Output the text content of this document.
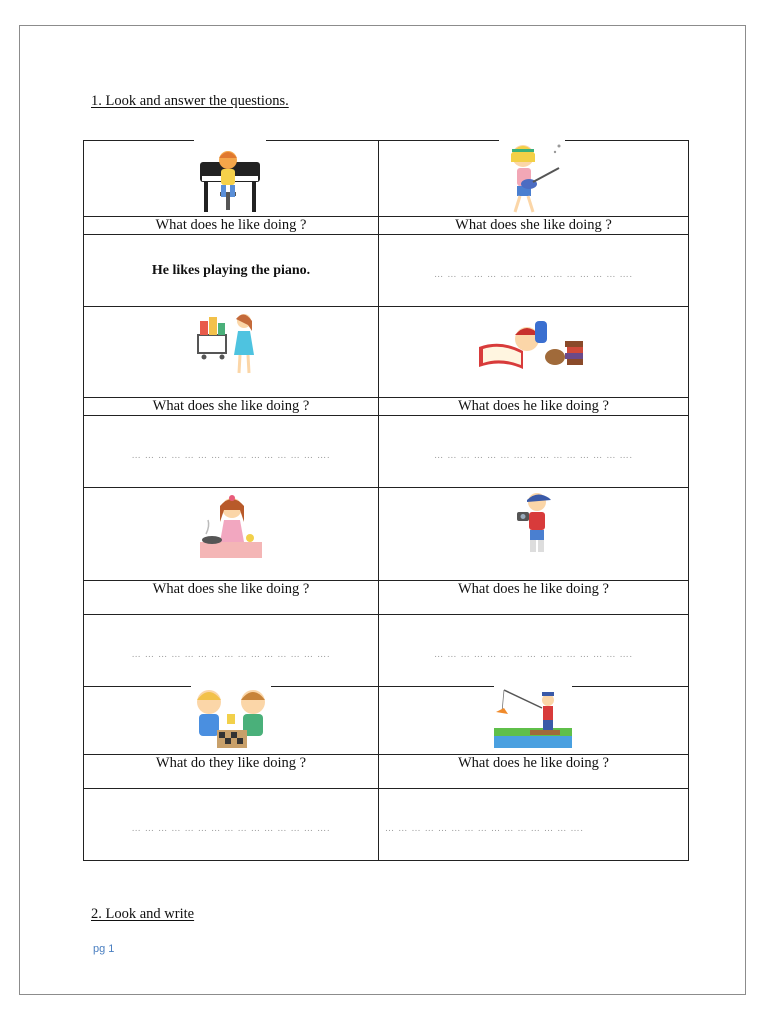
1. Look and answer the questions.

What does he like doing ?	What does she like doing ?
He likes playing the piano.	$_{\dots \dots \dots \dots \dots \dots \dots \dots \dots \dots \dots \dots \dots \dots \dots.}$

What does she like doing ?	What does he like doing ?
$_{\dots \dots \dots \dots \dots \dots \dots \dots \dots \dots \dots \dots \dots \dots \dots.}$	$_{\dots \dots \dots \dots \dots \dots \dots \dots \dots \dots \dots \dots \dots \dots \dots.}$

What does she like doing ?	What does he like doing ?
$_{\dots \dots \dots \dots \dots \dots \dots \dots \dots \dots \dots \dots \dots \dots \dots.}$	$_{\dots \dots \dots \dots \dots \dots \dots \dots \dots \dots \dots \dots \dots \dots \dots.}$

What do they like doing ?	What does he like doing ?
$_{\dots \dots \dots \dots \dots \dots \dots \dots \dots \dots \dots \dots \dots \dots \dots.}$	$_{\dots \dots \dots \dots \dots \dots \dots \dots \dots \dots \dots \dots \dots \dots \dots.}$
2. Look and write
pg 1
